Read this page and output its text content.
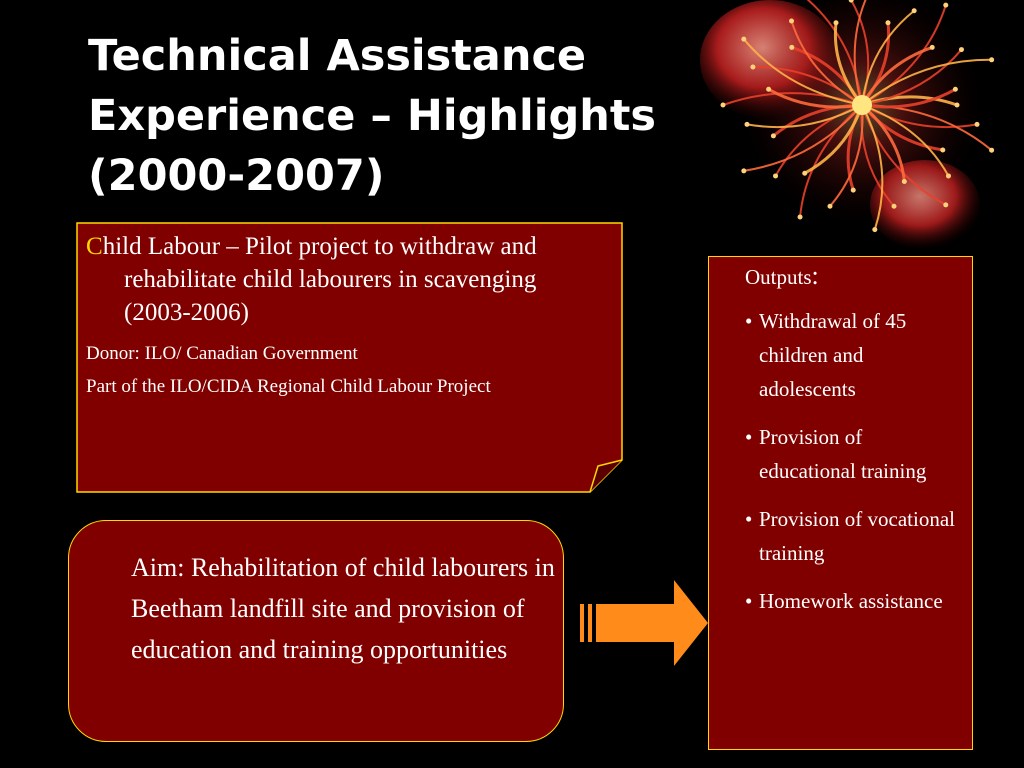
Technical Assistance
Experience – Highlights
(2000-2007)

Child Labour – Pilot project to withdraw and rehabilitate child labourers in scavenging (2003-2006)

Donor: ILO/ Canadian Government

Part of the ILO/CIDA Regional Child Labour Project

Aim: Rehabilitation of child labourers in Beetham landfill site and provision of education and training opportunities

Outputs:

• Withdrawal of 45 children and adolescents
• Provision of educational training
• Provision of vocational training
• Homework assistance
